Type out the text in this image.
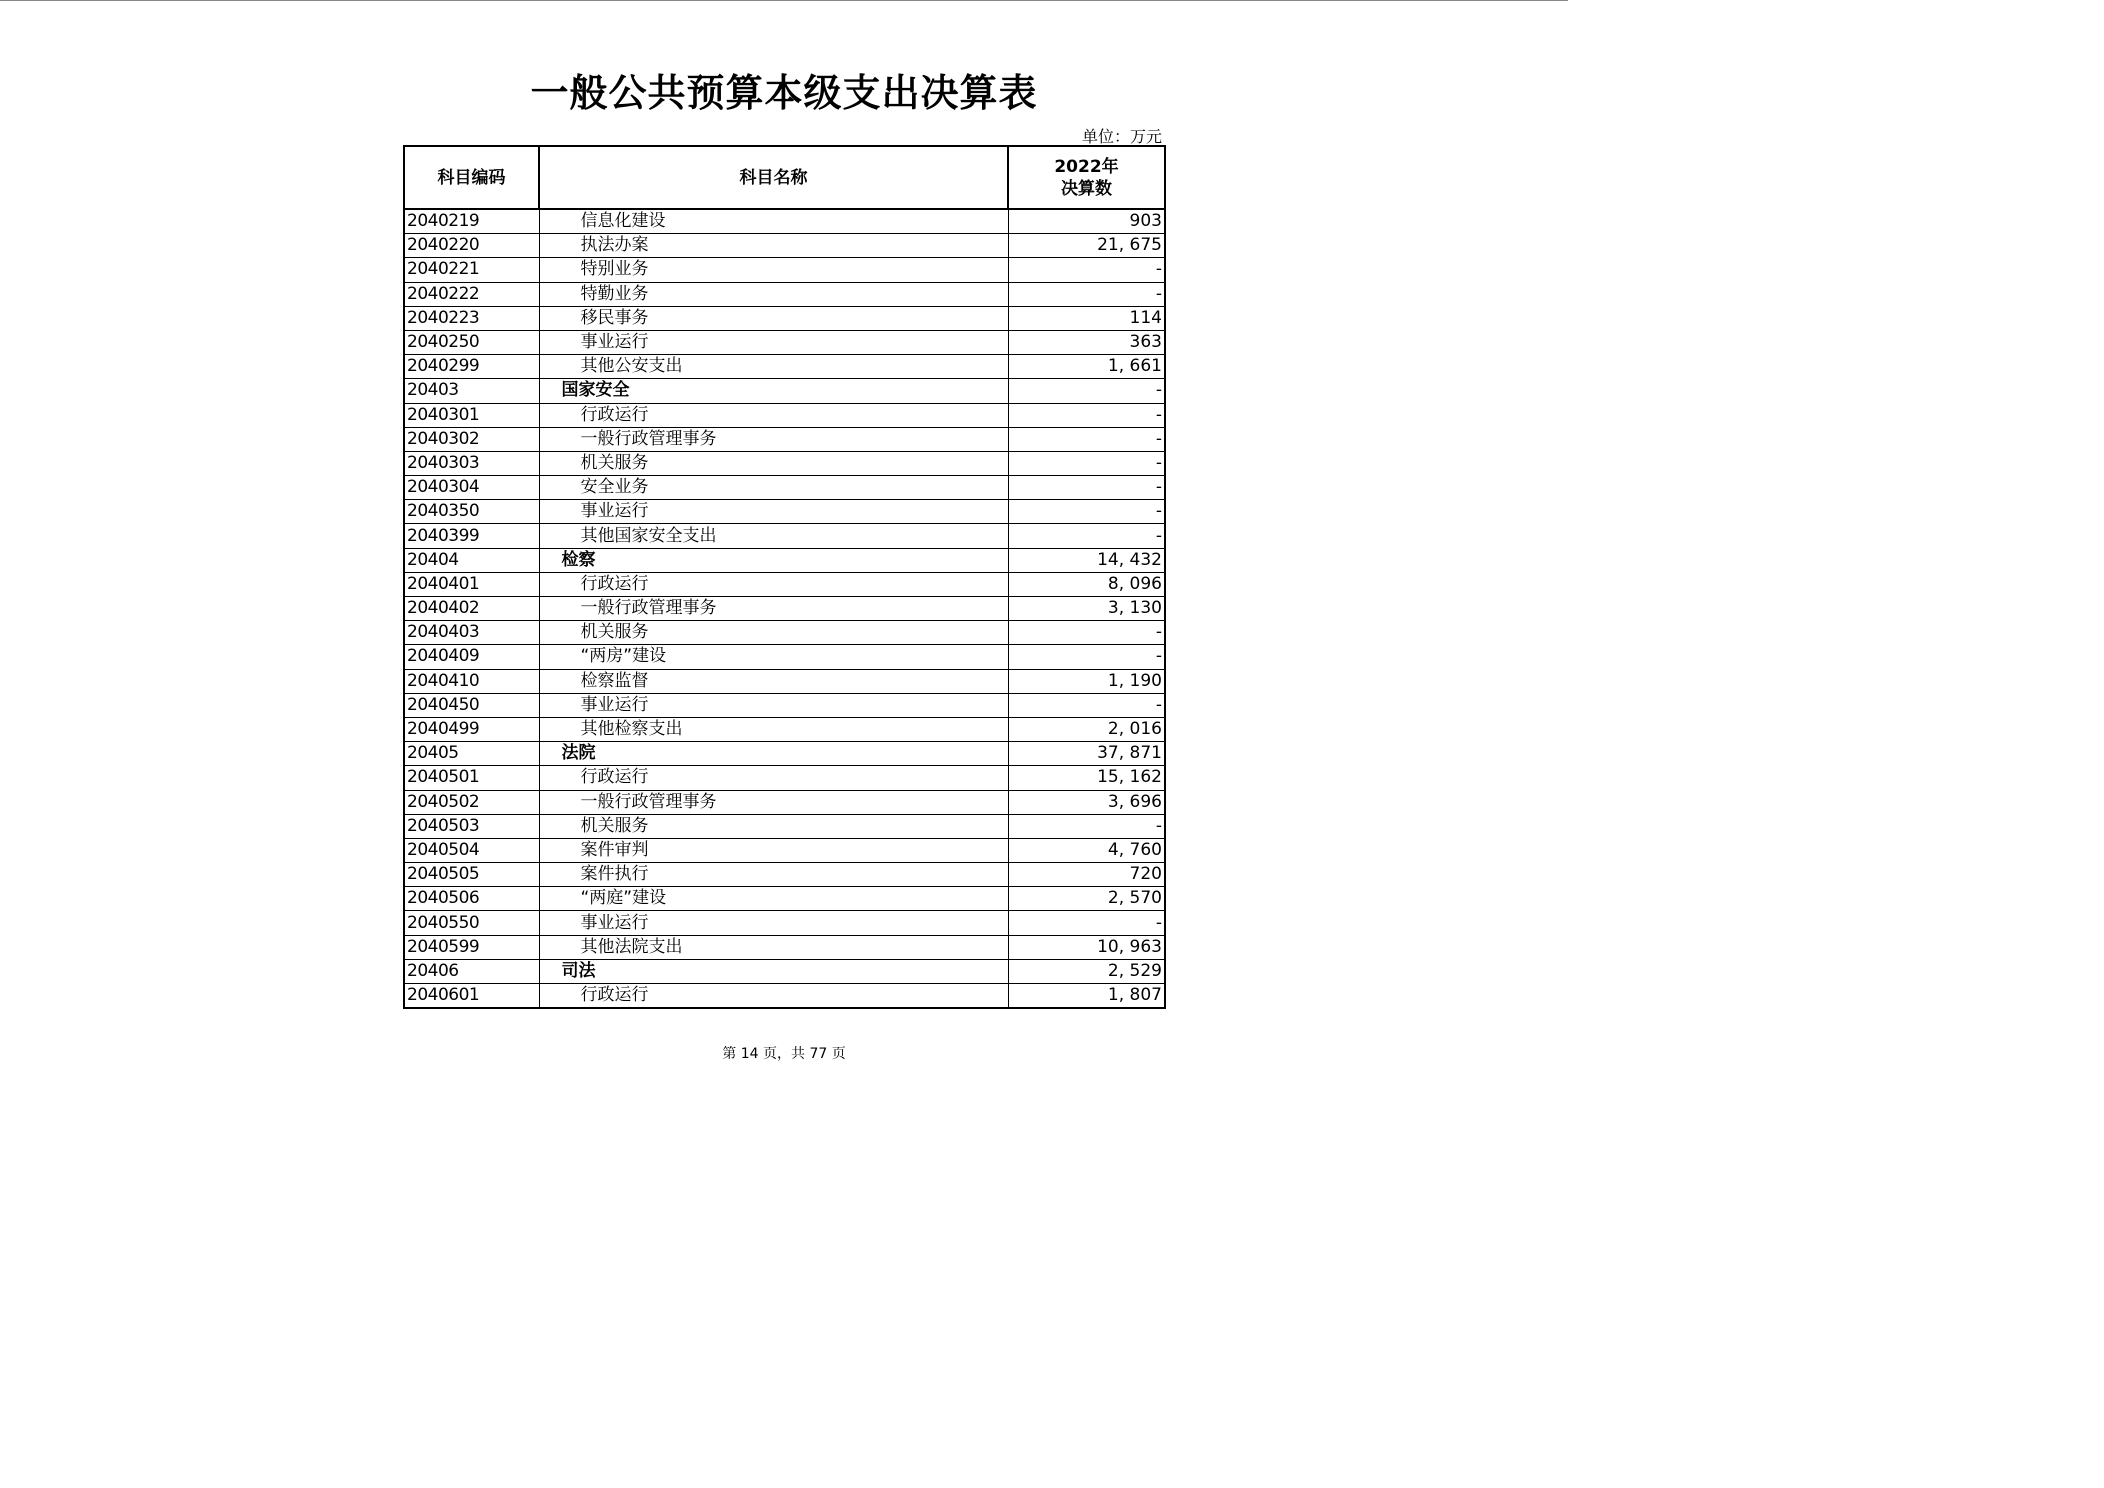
一般公共预算本级支出决算表
单位：万元
科目编码	科目名称	2022年
决算数

2040219	信息化建设	903
2040220	执法办案	21, 675
2040221	特别业务	-
2040222	特勤业务	-
2040223	移民事务	114
2040250	事业运行	363
2040299	其他公安支出	1, 661
20403	国家安全	-
2040301	行政运行	-
2040302	一般行政管理事务	-
2040303	机关服务	-
2040304	安全业务	-
2040350	事业运行	-
2040399	其他国家安全支出	-
20404	检察	14, 432
2040401	行政运行	8, 096
2040402	一般行政管理事务	3, 130
2040403	机关服务	-
2040409	“两房”建设	-
2040410	检察监督	1, 190
2040450	事业运行	-
2040499	其他检察支出	2, 016
20405	法院	37, 871
2040501	行政运行	15, 162
2040502	一般行政管理事务	3, 696
2040503	机关服务	-
2040504	案件审判	4, 760
2040505	案件执行	720
2040506	“两庭”建设	2, 570
2040550	事业运行	-
2040599	其他法院支出	10, 963
20406	司法	2, 529
2040601	行政运行	1, 807
第 14 页，共 77 页
